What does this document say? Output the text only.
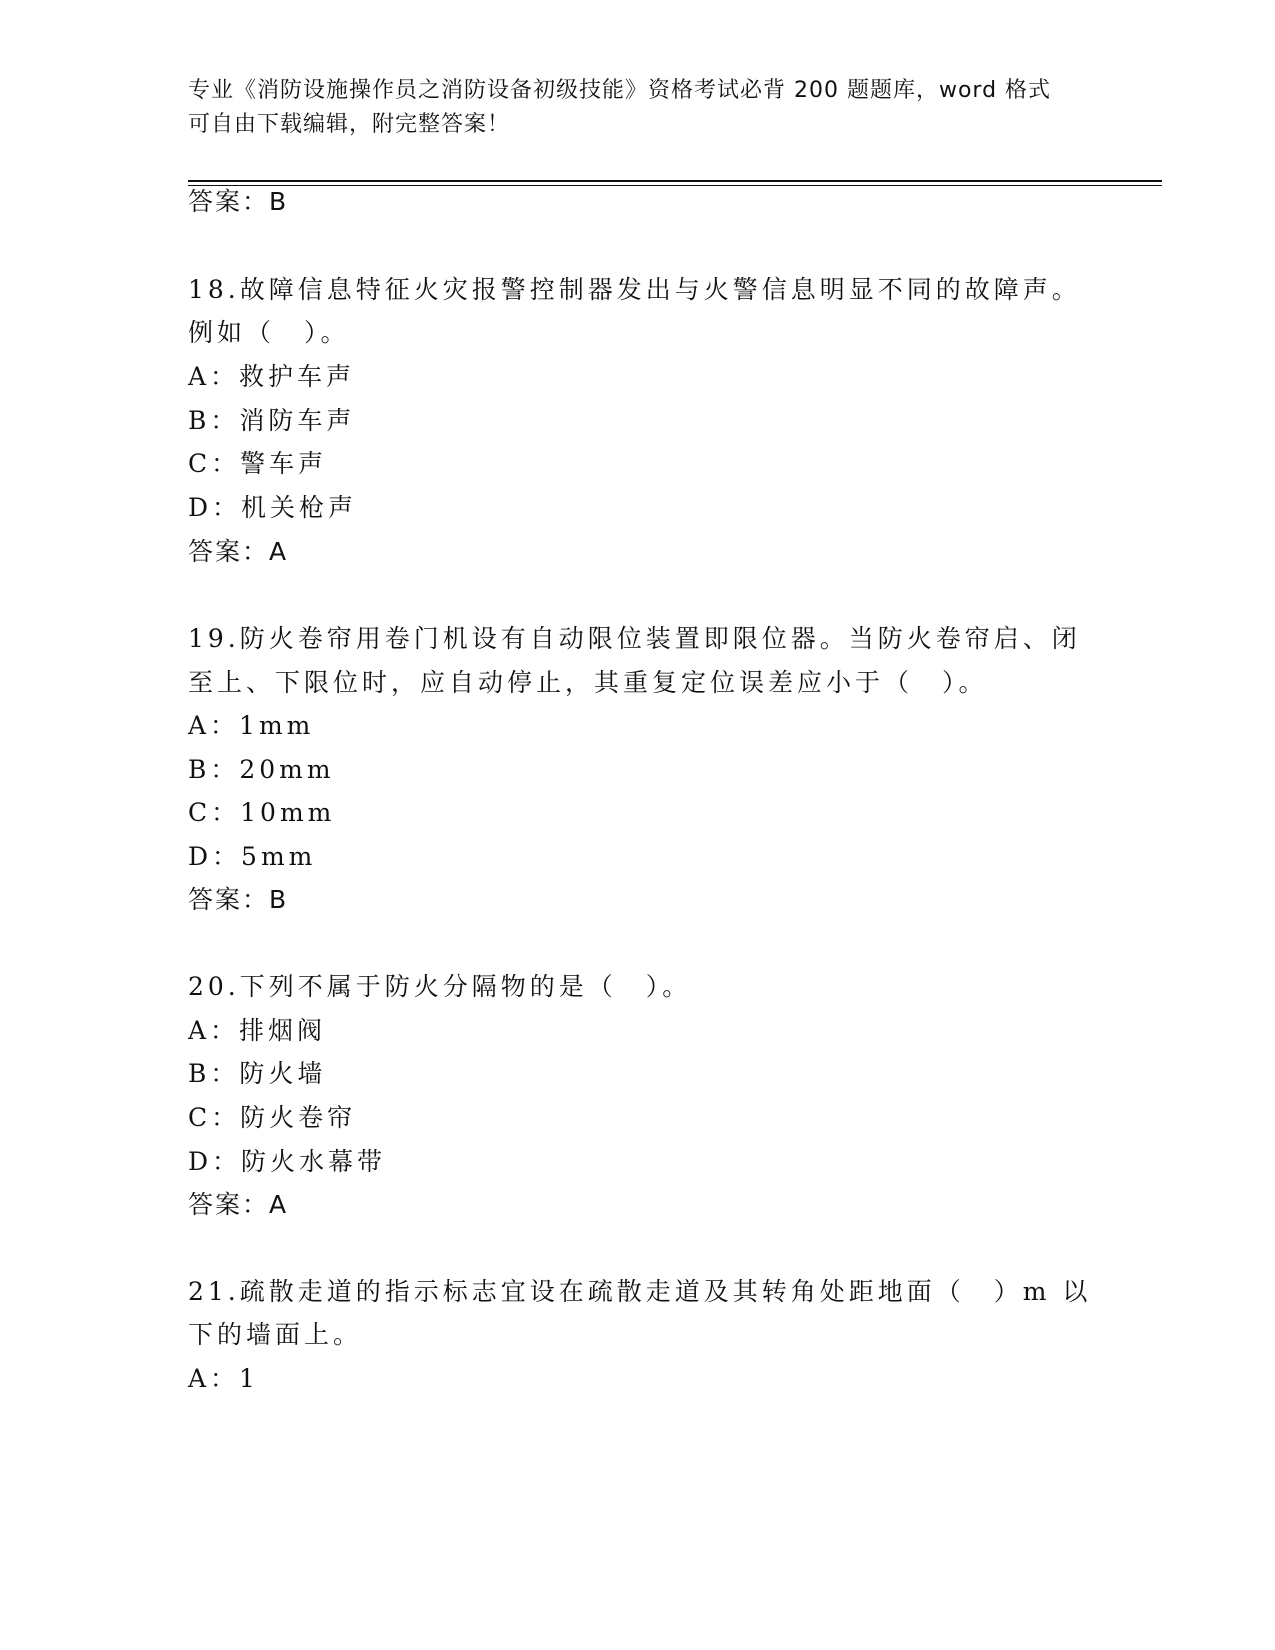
专业《消防设施操作员之消防设备初级技能》资格考试必背 200 题题库，word 格式可自由下载编辑，附完整答案！
答案：B
18.故障信息特征火灾报警控制器发出与火警信息明显不同的故障声。
例如（　）。
A：救护车声
B：消防车声
C：警车声
D：机关枪声
答案：A
19.防火卷帘用卷门机设有自动限位装置即限位器。当防火卷帘启、闭
至上、下限位时，应自动停止，其重复定位误差应小于（　）。
A：1mm
B：20mm
C：10mm
D：5mm
答案：B
20.下列不属于防火分隔物的是（　）。
A：排烟阀
B：防火墙
C：防火卷帘
D：防火水幕带
答案：A
21.疏散走道的指示标志宜设在疏散走道及其转角处距地面（　）m 以
下的墙面上。
A：1
